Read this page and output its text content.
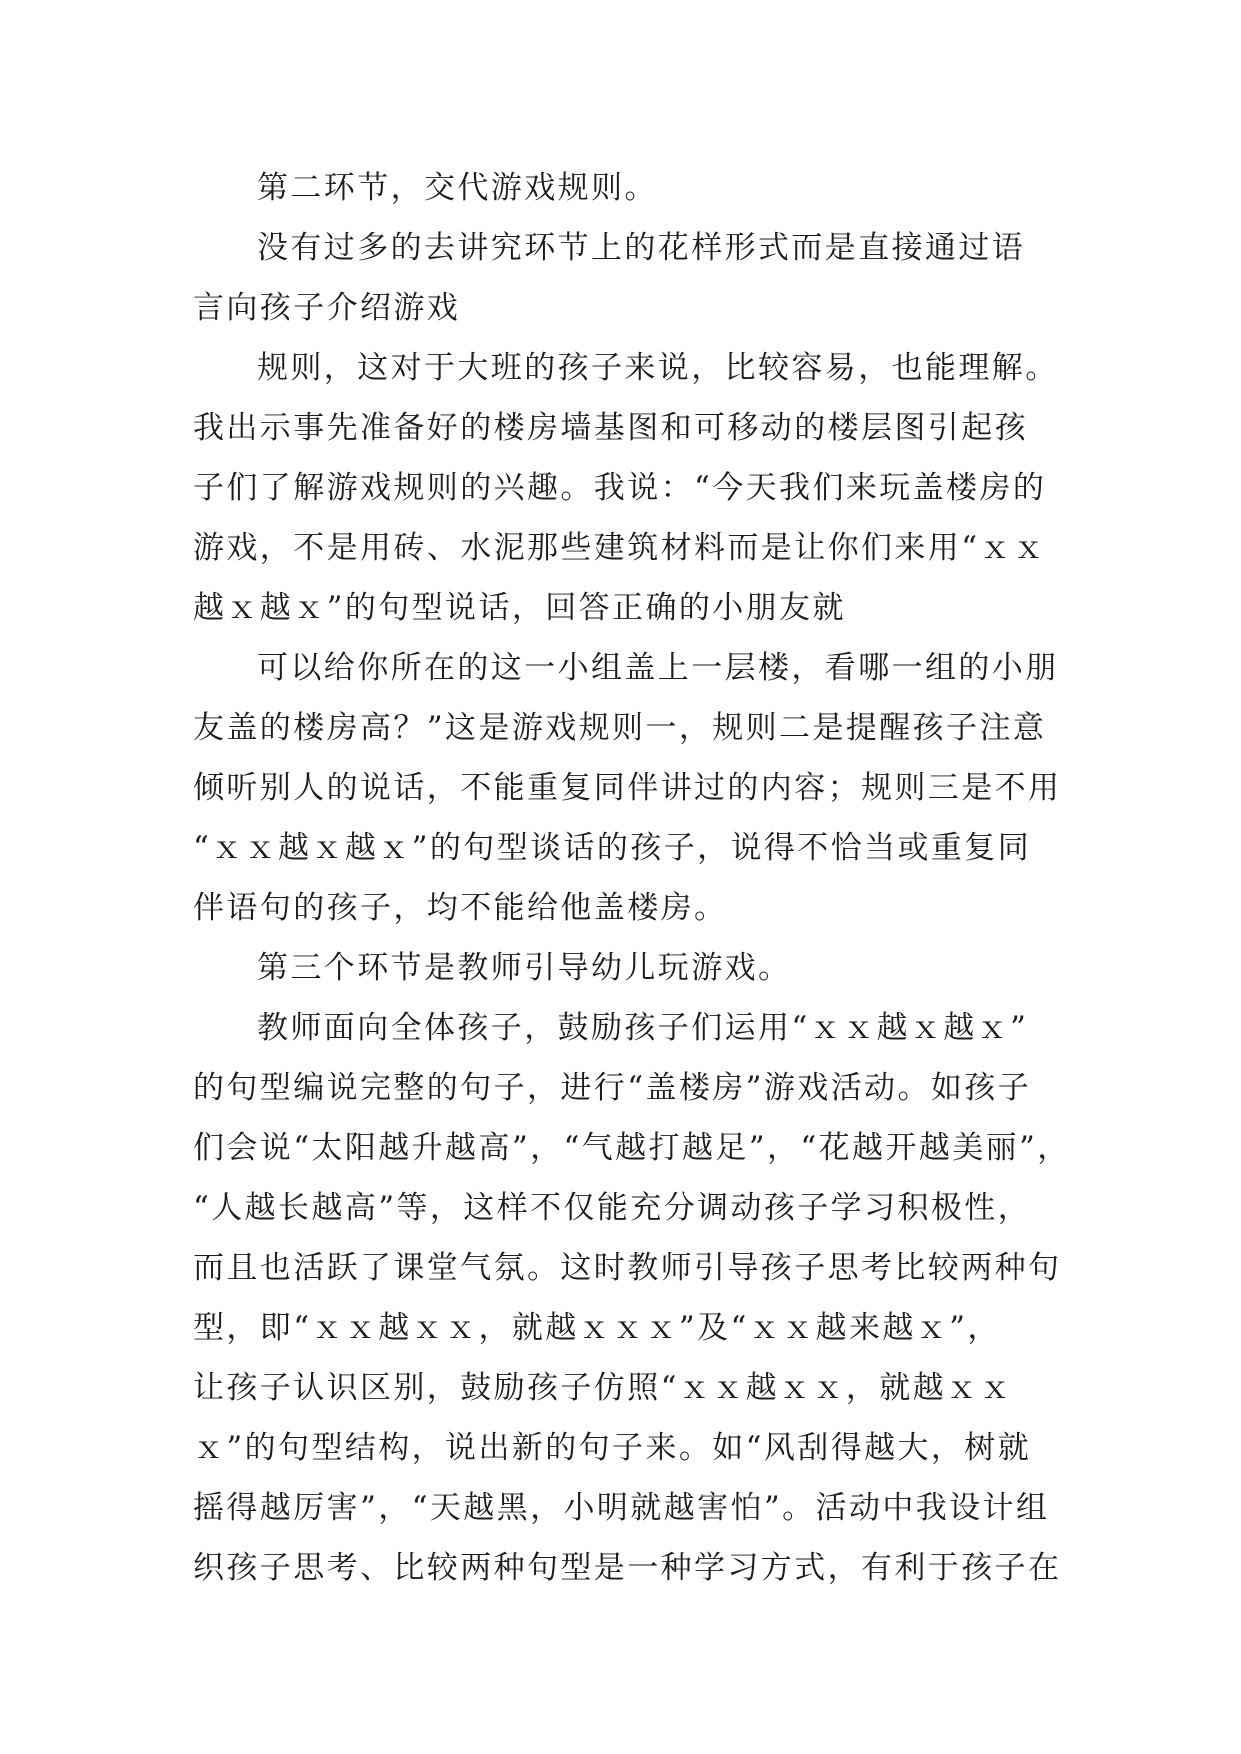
第二环节，交代游戏规则。
没有过多的去讲究环节上的花样形式而是直接通过语
言向孩子介绍游戏
规则，这对于大班的孩子来说，比较容易，也能理解。
我出示事先准备好的楼房墙基图和可移动的楼层图引起孩
子们了解游戏规则的兴趣。我说：“今天我们来玩盖楼房的
游戏，不是用砖、水泥那些建筑材料而是让你们来用“ｘｘ
越ｘ越ｘ”的句型说话，回答正确的小朋友就
可以给你所在的这一小组盖上一层楼，看哪一组的小朋
友盖的楼房高？”这是游戏规则一，规则二是提醒孩子注意
倾听别人的说话，不能重复同伴讲过的内容；规则三是不用
“ｘｘ越ｘ越ｘ”的句型谈话的孩子，说得不恰当或重复同
伴语句的孩子，均不能给他盖楼房。
第三个环节是教师引导幼儿玩游戏。
教师面向全体孩子，鼓励孩子们运用“ｘｘ越ｘ越ｘ”
的句型编说完整的句子，进行“盖楼房”游戏活动。如孩子
们会说“太阳越升越高”，“气越打越足”，“花越开越美丽”，
“人越长越高”等，这样不仅能充分调动孩子学习积极性，
而且也活跃了课堂气氛。这时教师引导孩子思考比较两种句
型，即“ｘｘ越ｘｘ，就越ｘｘｘ”及“ｘｘ越来越ｘ”，
让孩子认识区别，鼓励孩子仿照“ｘｘ越ｘｘ，就越ｘｘ
ｘ”的句型结构，说出新的句子来。如“风刮得越大，树就
摇得越厉害”，“天越黑，小明就越害怕”。活动中我设计组
织孩子思考、比较两种句型是一种学习方式，有利于孩子在
